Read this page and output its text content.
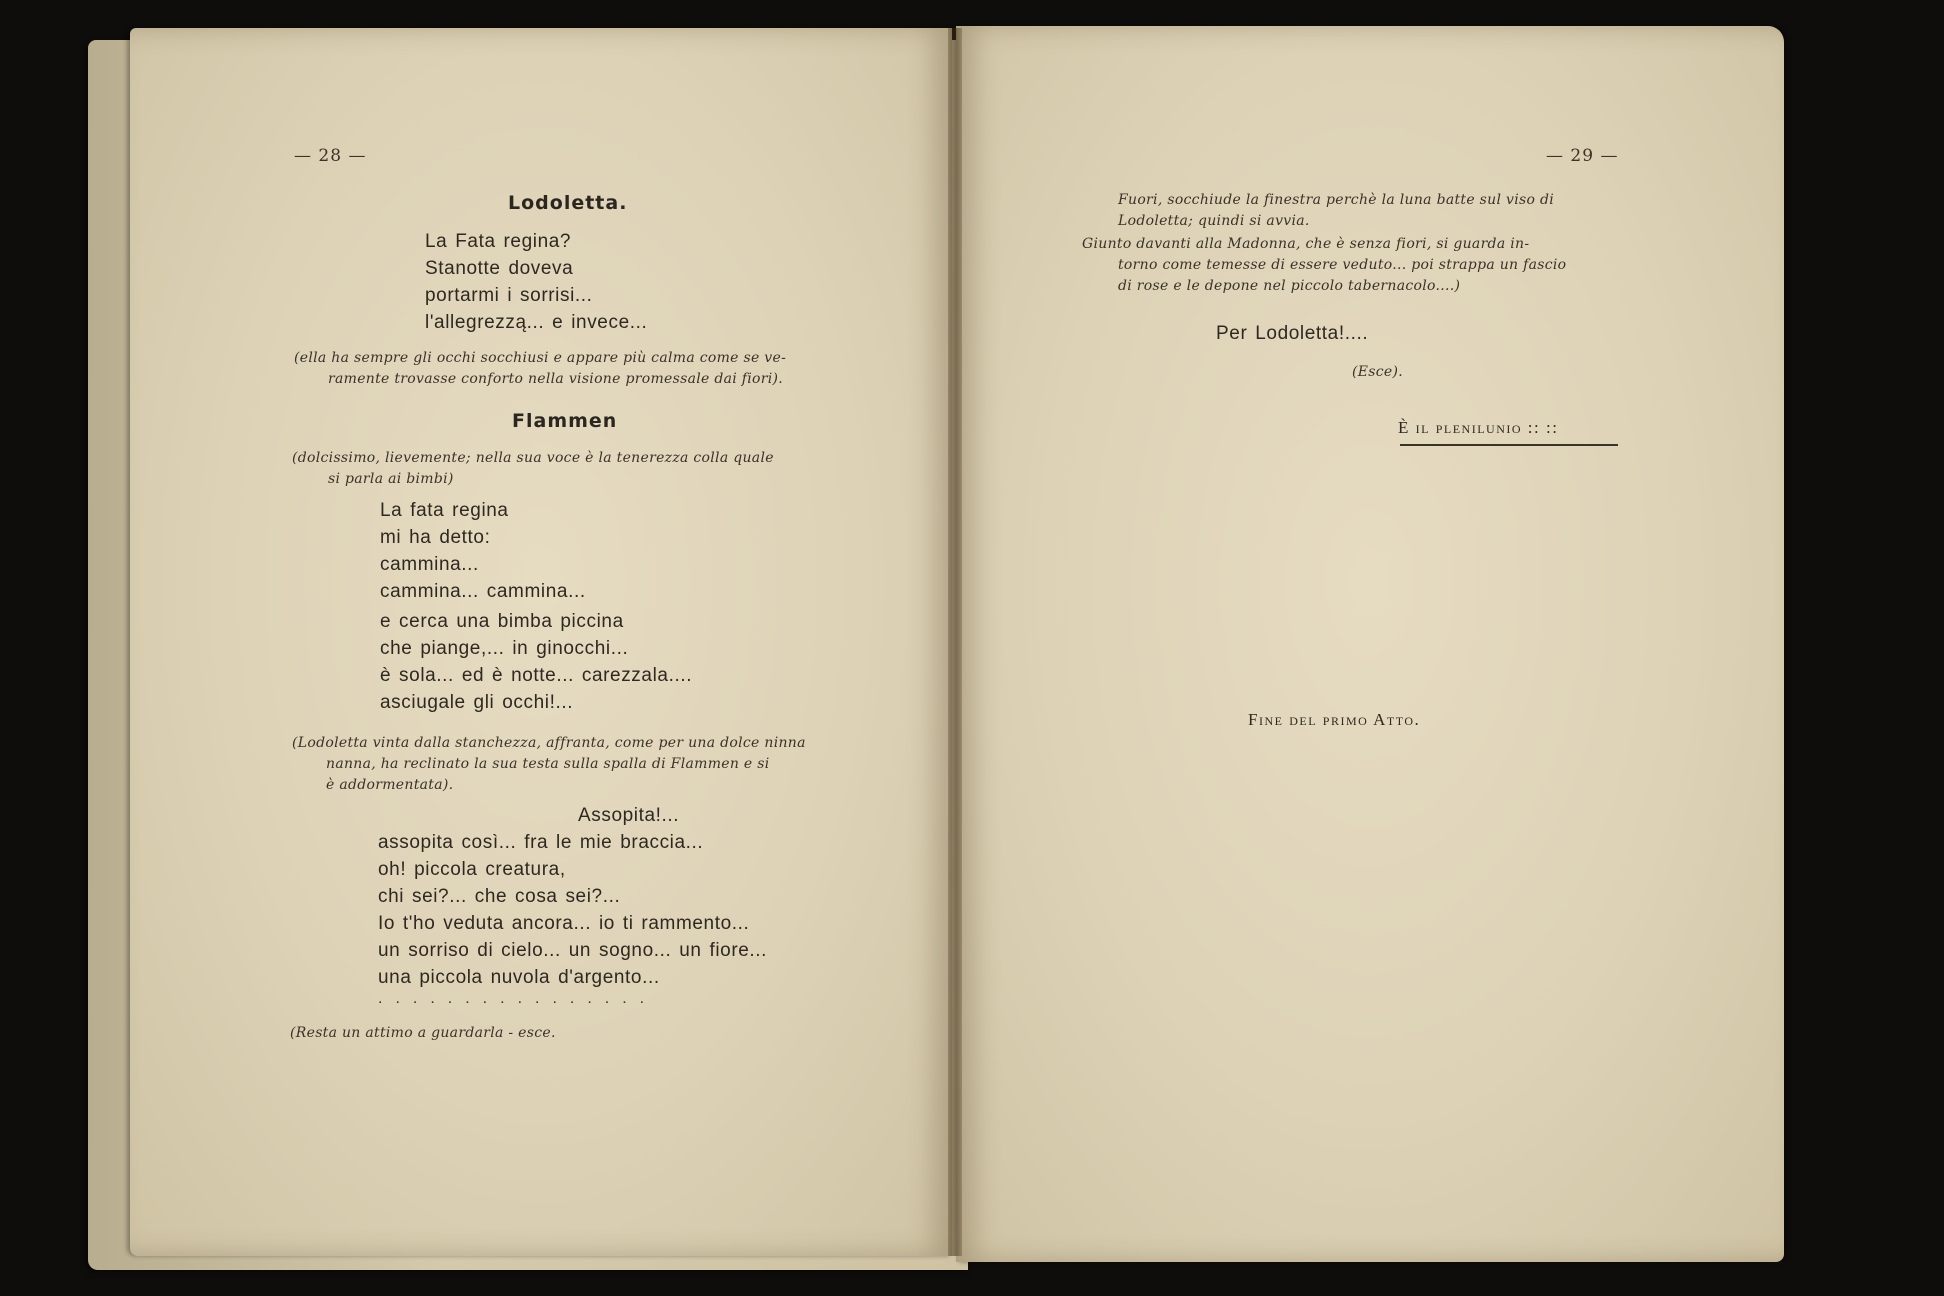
— 28 —
Lodoletta.
La Fata regina?
Stanotte doveva
portarmi i sorrisi...
l'allegrezzą... e invece...
(ella ha sempre gli occhi socchiusi e appare più calma come se ve-
ramente trovasse conforto nella visione promessale dai fiori).
Flammen
(dolcissimo, lievemente; nella sua voce è la tenerezza colla quale
si parla ai bimbi)
La fata regina
mi ha detto:
cammina...
cammina... cammina...
e cerca una bimba piccina
che piange,... in ginocchi...
è sola... ed è notte... carezzala....
asciugale gli occhi!...
(Lodoletta vinta dalla stanchezza, affranta, come per una dolce ninna
nanna, ha reclinato la sua testa sulla spalla di Flammen e si
è addormentata).
Assopita!...
assopita così... fra le mie braccia...
oh! piccola creatura,
chi sei?... che cosa sei?...
Io t'ho veduta ancora... io ti rammento...
un sorriso di cielo... un sogno... un fiore...
una piccola nuvola d'argento...
................
(Resta un attimo a guardarla - esce.
— 29 —
Fuori, socchiude la finestra perchè la luna batte sul viso di
Lodoletta; quindi si avvia.
Giunto davanti alla Madonna, che è senza fiori, si guarda in-
torno come temesse di essere veduto... poi strappa un fascio
di rose e le depone nel piccolo tabernacolo....)
Per Lodoletta!....
(Esce).
È il plenilunio :: ::
Fine del primo Atto.
